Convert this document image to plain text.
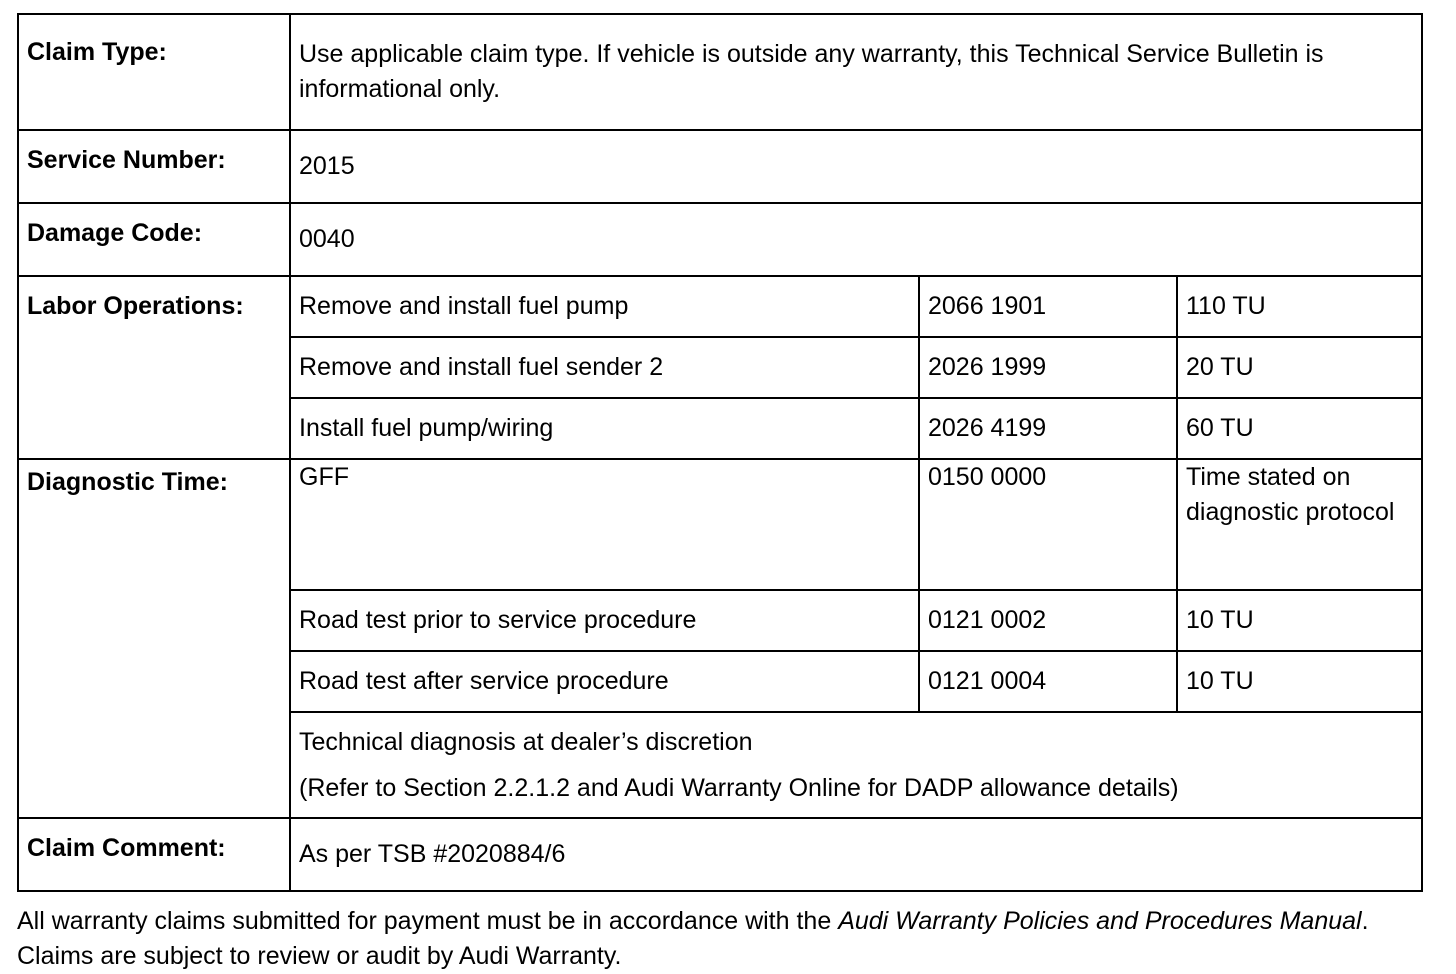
Claim Type:	Use applicable claim type. If vehicle is outside any warranty, this Technical Service Bulletin is informational only.		
Service Number:	2015		
Damage Code:	0040		
Labor Operations:	Remove and install fuel pump	2066 1901	110 TU
	Remove and install fuel sender 2	2026 1999	20 TU
	Install fuel pump/wiring	2026 4199	60 TU
Diagnostic Time:	GFF	0150 0000	Time stated on diagnostic protocol
	Road test prior to service procedure	0121 0002	10 TU
	Road test after service procedure	0121 0004	10 TU

	Technical diagnosis at dealer’s discretion
(Refer to Section 2.2.1.2 and Audi Warranty Online for DADP allowance details)		

Claim Comment:	As per TSB #2020884/6		
All warranty claims submitted for payment must be in accordance with the Audi Warranty Policies and Procedures Manual. Claims are subject to review or audit by Audi Warranty.
